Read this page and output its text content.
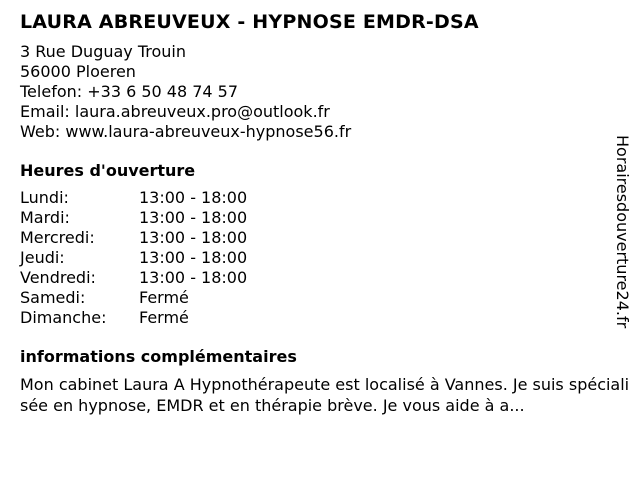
LAURA ABREUVEUX - HYPNOSE EMDR-DSA
3 Rue Duguay Trouin
56000 Ploeren
Telefon: +33 6 50 48 74 57
Email: laura.abreuveux.pro@outlook.fr
Web: www.laura-abreuveux-hypnose56.fr
Heures d'ouverture
Lundi:	13:00 - 18:00
Mardi:	13:00 - 18:00
Mercredi:	13:00 - 18:00
Jeudi:	13:00 - 18:00
Vendredi:	13:00 - 18:00
Samedi:	Fermé
Dimanche:	Fermé
informations complémentaires
Mon cabinet Laura A Hypnothérapeute est localisé à Vannes. Je suis spécialisée en hypnose, EMDR et en thérapie brève. Je vous aide à a...
Horairesdouverture24.fr
